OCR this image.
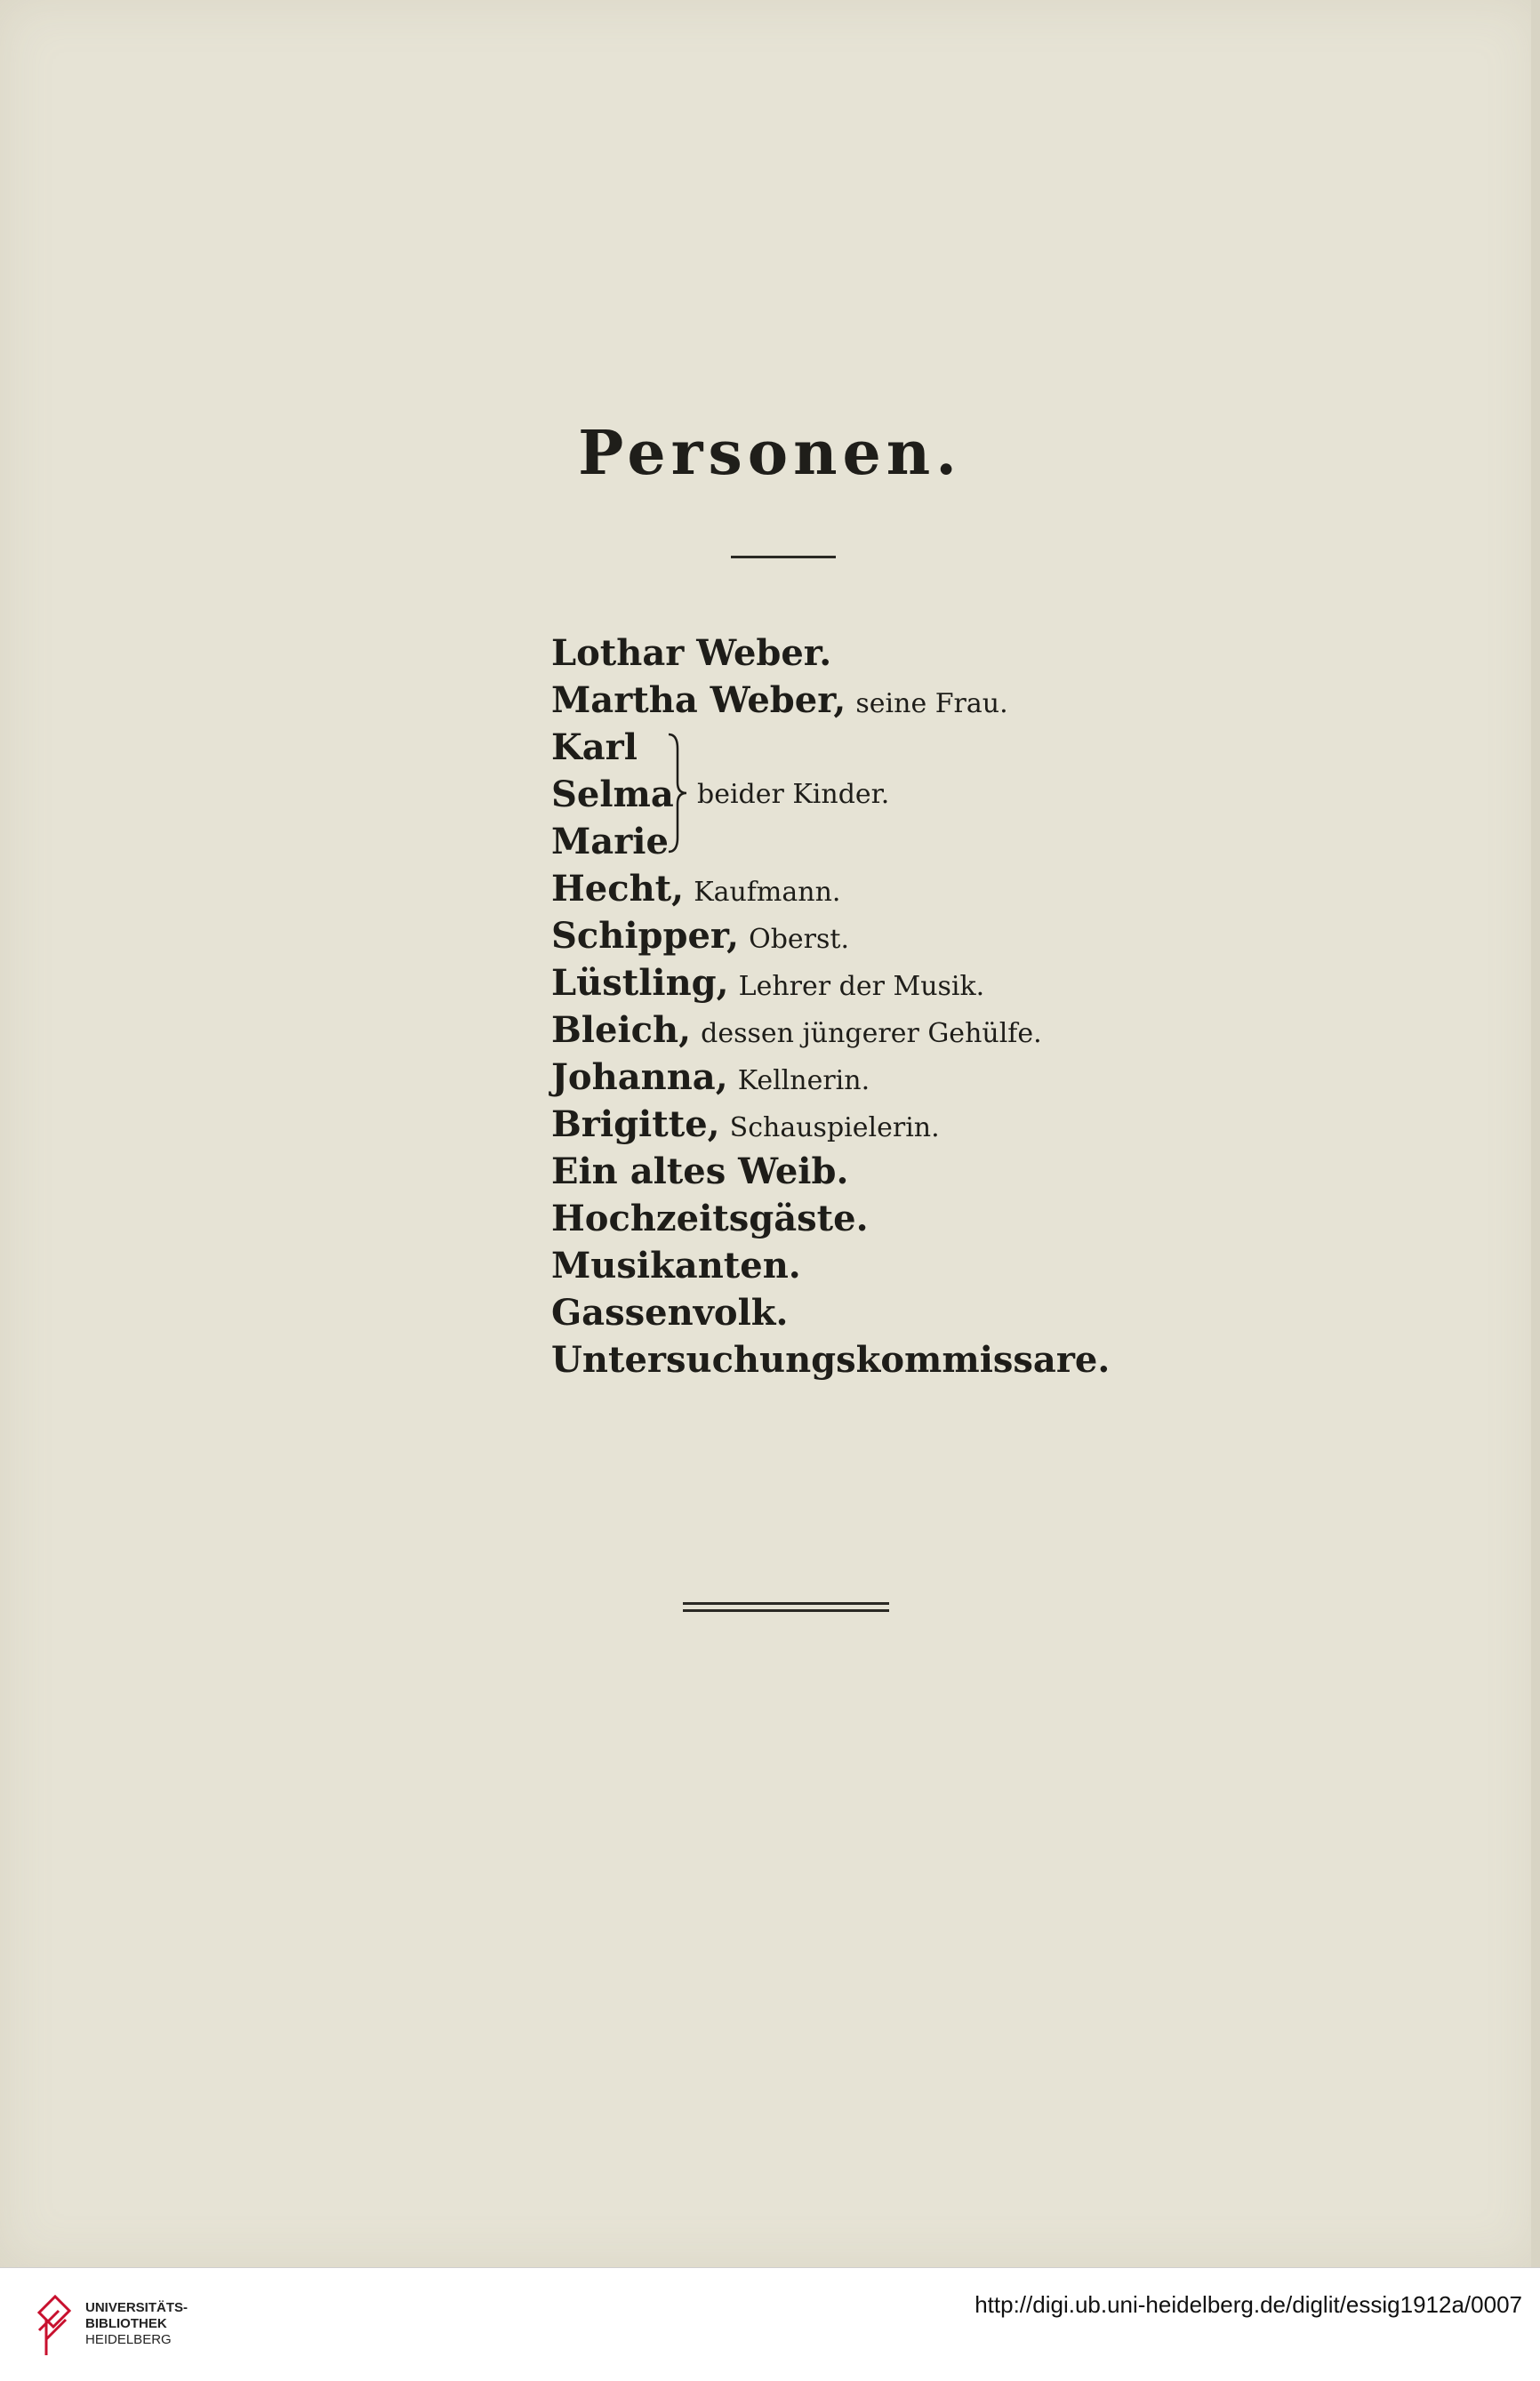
Personen.
Lothar Weber.
Martha Weber, seine Frau.
Karl
Selma
Marie
beider Kinder.
Hecht, Kaufmann.
Schipper, Oberst.
Lüstling, Lehrer der Musik.
Bleich, dessen jüngerer Gehülfe.
Johanna, Kellnerin.
Brigitte, Schauspielerin.
Ein altes Weib.
Hochzeitsgäste.
Musikanten.
Gassenvolk.
Untersuchungskommissare.
UNIVERSITÄTS-
BIBLIOTHEK
HEIDELBERG
http://digi.ub.uni-heidelberg.de/diglit/essig1912a/0007
